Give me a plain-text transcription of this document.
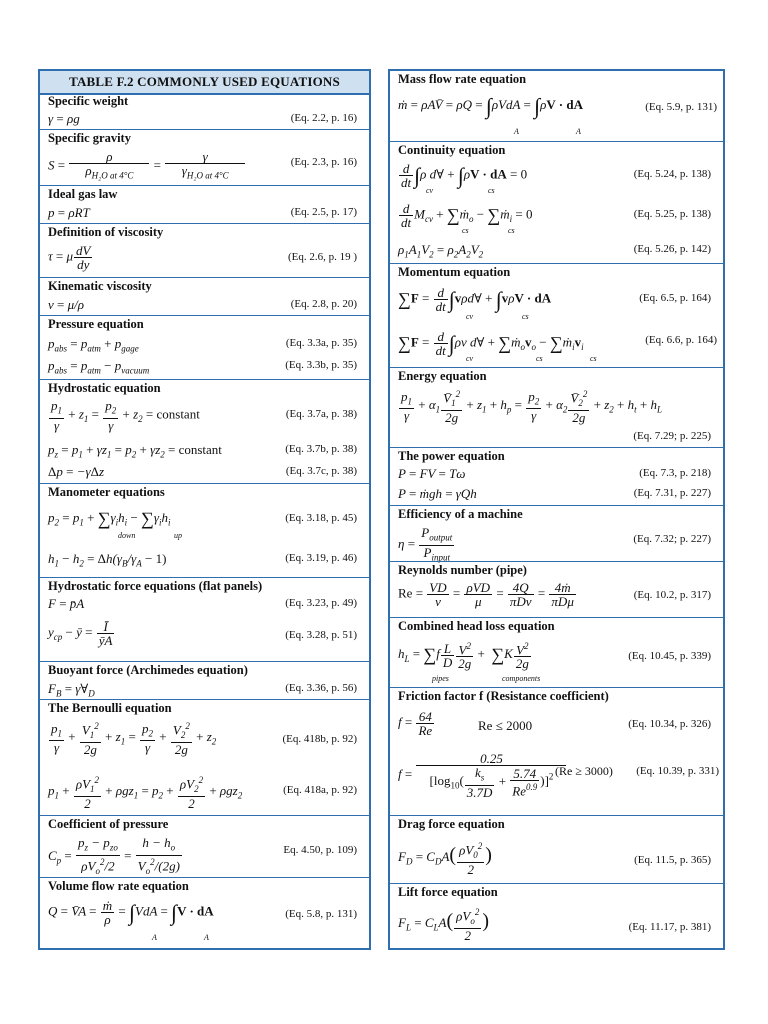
TABLE F.2 COMMONLY USED EQUATIONS
Specific weight
γ = ρg	(Eq. 2.2, p. 16)
Specific gravity
$S = \frac{\rho}{\rho_{H_2O at 4^\circ C}} = \frac{\gamma}{\gamma_{H_2O at 4^\circ C}}$	(Eq. 2.3, p. 16)
Ideal gas law
p = ρRT	(Eq. 2.5, p. 17)
Definition of viscosity
τ = μ $\frac{dV}{dy}$	(Eq. 2.6, p. 19 )
Kinematic viscosity
ν = μ/ρ	(Eq. 2.8, p. 20)
Pressure equation
$p_{abs} = p_{atm} + p_{gage}$	(Eq. 3.3a, p. 35)
$p_{abs} = p_{atm} - p_{vacuum}$	(Eq. 3.3b, p. 35)
Hydrostatic equation
$\frac{p_1}{\gamma} + z_1 = \frac{p_2}{\gamma} + z_2$ = constant	(Eq. 3.7a, p. 38)
$p_z = p_1 + \gamma z_1 = p_2 + \gamma z_2$ = constant	(Eq. 3.7b, p. 38)
Δp = −γΔz	(Eq. 3.7c, p. 38)
Manometer equations
$p_2 = p_1 + \sum\gamma_ih_i - \sum\gamma_ih_i$
down	up
(Eq. 3.18, p. 45)
$h_1 - h_2 = \Delta h(\gamma_B/\gamma_A - 1)$	(Eq. 3.19, p. 46)
Hydrostatic force equations (flat panels)
F = p̄A	(Eq. 3.23, p. 49)
$y_{cp}$ − ȳ = $\frac{Ī}{ȳA}$	(Eq. 3.28, p. 51)
Buoyant force (Archimedes equation)
$F_B$ = $\gamma\forall_D$	(Eq. 3.36, p. 56)
The Bernoulli equation
$\frac{p_1}{\gamma} + \frac{V_1^2}{2g} + z_1 = \frac{p_2}{\gamma} + \frac{V_2^2}{2g} + z_2$	(Eq. 418b, p. 92)
$p_1 + \frac{\rho V_1^2}{2} + \rho gz_1 = p_2 + \frac{\rho V_2^2}{2} + \rho gz_2$	(Eq. 418a, p. 92)
Coefficient of pressure
$C_p = \frac{p_z - p_{zo}}{\rho V_o^2/2} = \frac{h - h_o}{V_o^2/(2g)}$	Eq. 4.50, p. 109)
Volume flow rate equation
Q = V̄A = $\frac{\text{ṁ}}{\rho} = \int VdA = \int V$ · dA
A	A
(Eq. 5.8, p. 131)
Mass flow rate equation
ṁ = ρAV̄ = ρQ = ∫ρVdA = ∫ρV · dA
A	A
(Eq. 5.9, p. 131)
Continuity equation
$\frac{d}{dt} \int\rho$ d∀ + ∫ρV · dA = 0
cv	cs
(Eq. 5.24, p. 138)
$\frac{d}{dt} M_{cv}$ + ∑ṁ$_o$ − ∑ṁ$_i$ = 0
cs	cs
(Eq. 5.25, p. 138)
$\rho_1A_1V_2 = \rho_2A_2V_2$	(Eq. 5.26, p. 142)
Momentum equation
$\sum F = \frac{d}{dt}$ ∫vρd∀ + ∫vρV · dA
cv	cs
(Eq. 6.5, p. 164)
$\sum F = \frac{d}{dt} \int\rho v$ d∀ + $\sum ṁ_ov_o$ − $\sum ṁ_iv_i$
cv	cs	cs
(Eq. 6.6, p. 164)
Energy equation
$\frac{p_1}{\gamma} + \alpha_1 \frac{V̄_1^2}{2g} + z_1 + h_p = \frac{p_2}{\gamma} + \alpha_2 \frac{V̄_2^2}{2g} + z_2 + h_t + h_L$
(Eq. 7.29; p. 225)
The power equation
P = FV = Tω	(Eq. 7.3, p. 218)
P = ṁgh = γQh	(Eq. 7.31, p. 227)
Efficiency of a machine
$\eta = \frac{P_{output}}{P_{input}}$	(Eq. 7.32; p. 227)
Reynolds number (pipe)
$Re = \frac{VD}{\nu} = \frac{\text{ρVD}}{\mu} = \frac{4Q}{\text{πDν}} = \frac{\text{4ṁ}}{\text{πDμ}}$	(Eq. 10.2, p. 317)
Combined head loss equation
$h_L = \sum f \frac{L}{D} \frac{V^2}{2g} + \sum K \frac{V^2}{2g}$
pipes	components
(Eq. 10.45, p. 339)
Friction factor f (Resistance coefficient)
$f = \frac{64}{Re}$	Re ≤ 2000	(Eq. 10.34, p. 326)
$f = \frac{0.25}{[\log_{10}( \frac{k_s}{3.7D} + \frac{5.74}{Re^{0.9}} )]^2}$
(Re ≥ 3000) (Eq. 10.39, p. 331)
Drag force equation
$F_D = C_DA( \frac{\rho V_0^2}{2}$ )	(Eq. 11.5, p. 365)
Lift force equation
$F_L = C_LA( \frac{\rho V_o^2}{2}$ )	(Eq. 11.17, p. 381)
